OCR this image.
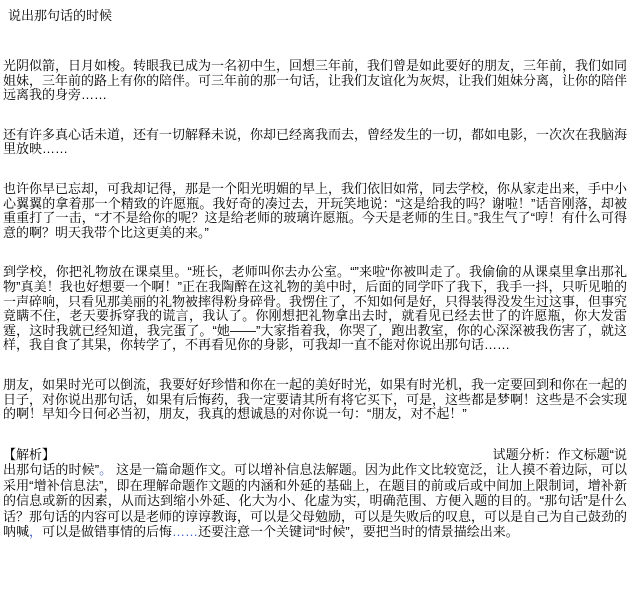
说出那句话的时候
光阴似箭，日月如梭。转眼我已成为一名初中生，回想三年前，我们曾是如此要好的朋友，三年前，我们如同姐妹，三年前的路上有你的陪伴。可三年前的那一句话，让我们友谊化为灰烬，让我们姐妹分离，让你的陪伴远离我的身旁……
还有许多真心话未道，还有一切解释未说，你却已经离我而去，曾经发生的一切，都如电影，一次次在我脑海里放映……
也许你早已忘却，可我却记得，那是一个阳光明媚的早上，我们依旧如常，同去学校，你从家走出来，手中小心翼翼的拿着那一个精致的许愿瓶。我好奇的凑过去，开玩笑地说：“这是给我的吗？谢啦！”话音刚落，却被重重打了一击，“才不是给你的呢？这是给老师的玻璃许愿瓶。今天是老师的生日。”我生气了“哼！有什么可得意的啊？明天我带个比这更美的来。”
到学校，你把礼物放在课桌里。“班长，老师叫你去办公室。“”来啦“你被叫走了。我偷偷的从课桌里拿出那礼物”真美！我也好想要一个啊！”正在我陶醉在这礼物的美中时，后面的同学吓了我下，我手一抖，只听见啪的一声碎响，只看见那美丽的礼物被摔得粉身碎骨。我愣住了，不知如何是好，只得装得没发生过这事，但事究竟瞒不住，老天要拆穿我的谎言，我认了。你刚想把礼物拿出去时，就看见已经去世了的许愿瓶，你大发雷霆，这时我就已经知道，我完蛋了。“她——”大家指着我，你哭了，跑出教室，你的心深深被我伤害了，就这样，我自食了其果，你转学了，不再看见你的身影，可我却一直不能对你说出那句话……
朋友，如果时光可以倒流，我要好好珍惜和你在一起的美好时光，如果有时光机，我一定要回到和你在一起的日子，对你说出那句话，如果有后悔药，我一定要请其所有将它买下，可是，这些都是梦啊！这些是不会实现的啊！早知今日何必当初，朋友，我真的想诚恳的对你说一句：“朋友，对不起！”
【解析】	试题分析：作文标题“说
出那句话的时候”。 这是一篇命题作文。可以增补信息法解题。因为此作文比较宽泛，让人摸不着边际，可以采用“增补信息法”，即在理解命题作文题的内涵和外延的基础上，在题目的前或后或中间加上限制词，增补新的信息或新的因素，从而达到缩小外延、化大为小、化虚为实，明确范围、方便入题的目的。“那句话”是什么话？那句话的内容可以是老师的谆谆教诲，可以是父母勉励，可以是失败后的叹息，可以是自己为自己鼓劲的呐喊，可以是做错事情的后悔……还要注意一个关键词“时候”，要把当时的情景描绘出来。
